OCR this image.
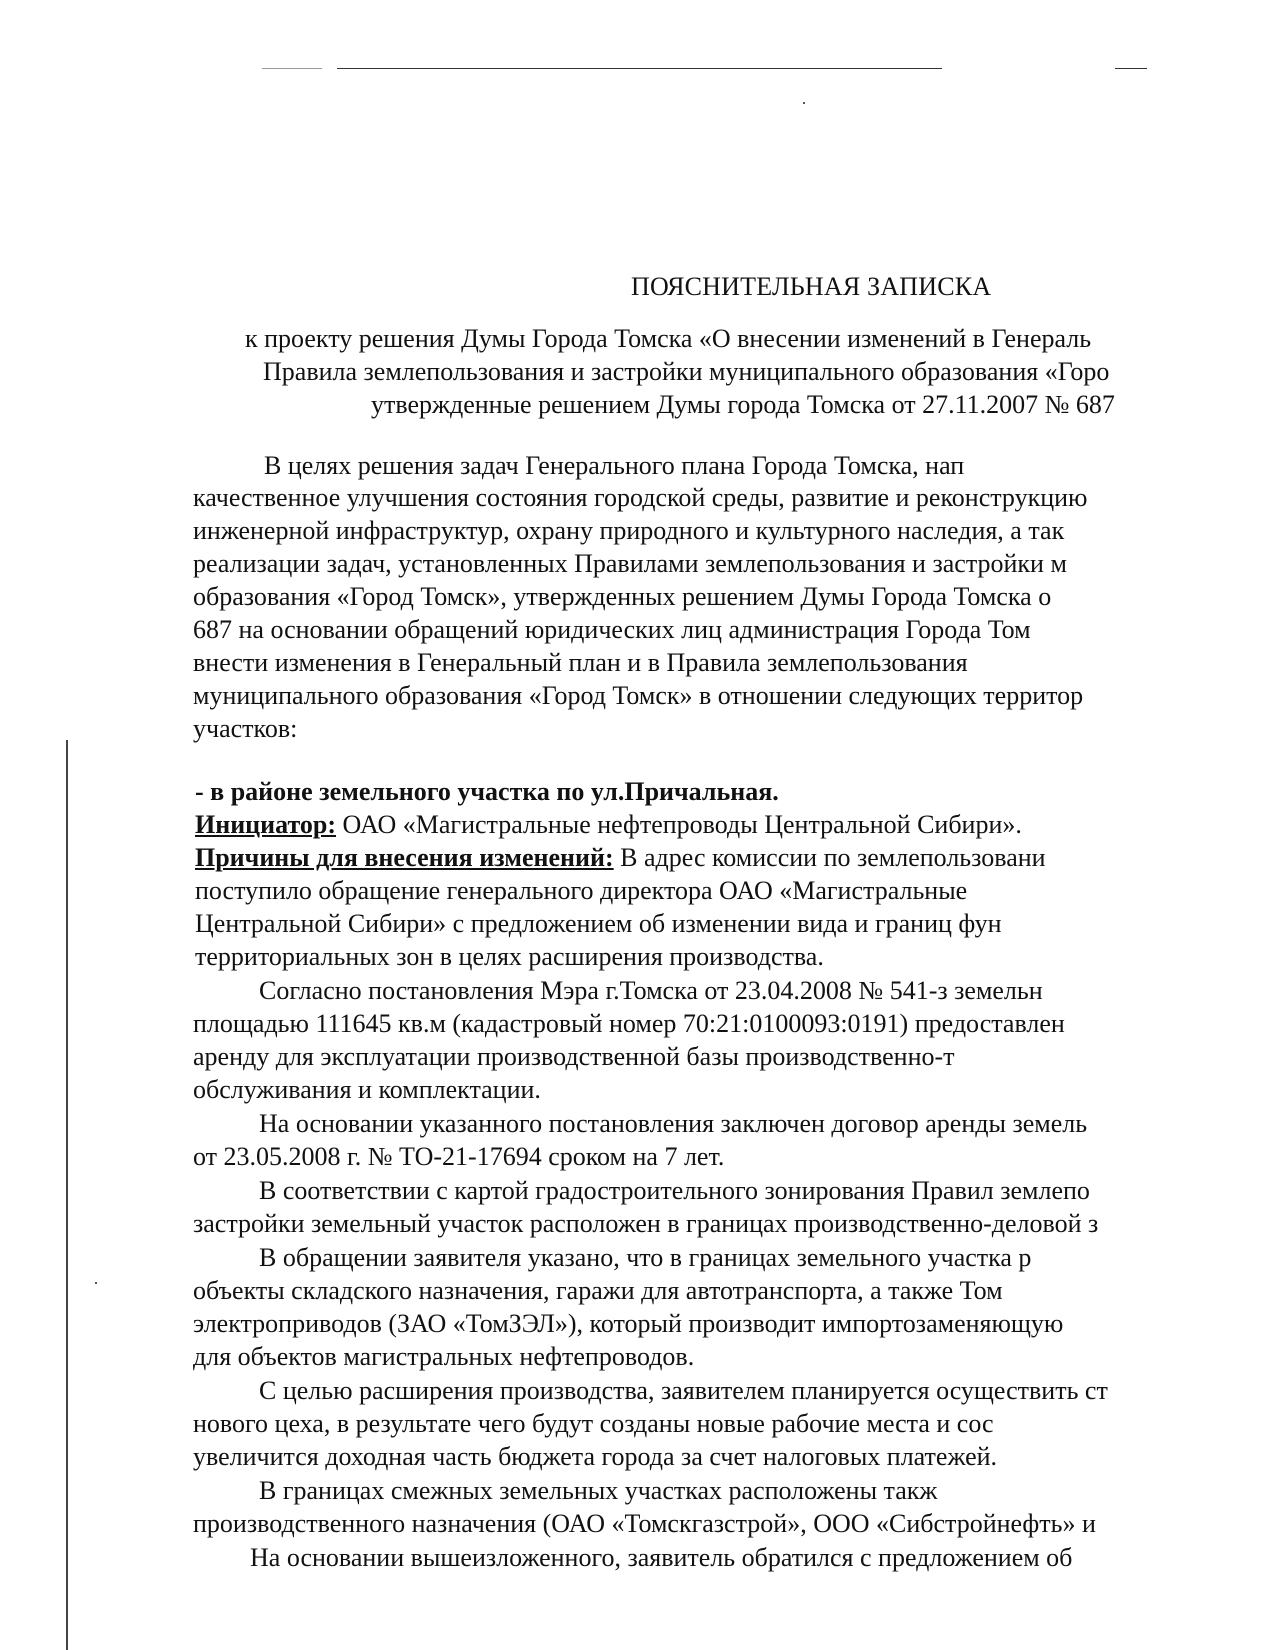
ПОЯСНИТЕЛЬНАЯ ЗАПИСКА
к проекту решения Думы Города Томска «О внесении изменений в Генераль
Правила землепользования и застройки муниципального образования «Горо
утвержденные решением Думы города Томска от 27.11.2007 № 687
В целях решения задач Генерального плана Города Томска, нап
качественное улучшения состояния городской среды, развитие и реконструкцию
инженерной инфраструктур, охрану природного и культурного наследия, а так
реализации задач, установленных Правилами землепользования и застройки м
образования «Город Томск», утвержденных решением Думы Города Томска о
687 на основании обращений юридических лиц администрация Города Том
внести изменения в Генеральный план и в Правила землепользования
муниципального образования «Город Томск» в отношении следующих территор
участков:
- в районе земельного участка по ул.Причальная.
Инициатор: ОАО «Магистральные нефтепроводы Центральной Сибири».
Причины для внесения изменений: В адрес комиссии по землепользовани
поступило обращение генерального директора ОАО «Магистральные
Центральной Сибири» с предложением об изменении вида и границ фун
территориальных зон в целях расширения производства.
Согласно постановления Мэра г.Томска от 23.04.2008 № 541-з земельн
площадью 111645 кв.м (кадастровый номер 70:21:0100093:0191) предоставлен
аренду для эксплуатации производственной базы производственно-т
обслуживания и комплектации.
На основании указанного постановления заключен договор аренды земель
от 23.05.2008 г. № ТО-21-17694 сроком на 7 лет.
В соответствии с картой градостроительного зонирования Правил землепо
застройки земельный участок расположен в границах производственно-деловой з
В обращении заявителя указано, что в границах земельного участка р
объекты складского назначения, гаражи для автотранспорта, а также Том
электроприводов (ЗАО «ТомЗЭЛ»), который производит импортозаменяющую
для объектов магистральных нефтепроводов.
С целью расширения производства, заявителем планируется осуществить ст
нового цеха, в результате чего будут созданы новые рабочие места и сос
увеличится доходная часть бюджета города за счет налоговых платежей.
В границах смежных земельных участках расположены такж
производственного назначения (ОАО «Томскгазстрой», ООО «Сибстройнефть» и
На основании вышеизложенного, заявитель обратился с предложением об
